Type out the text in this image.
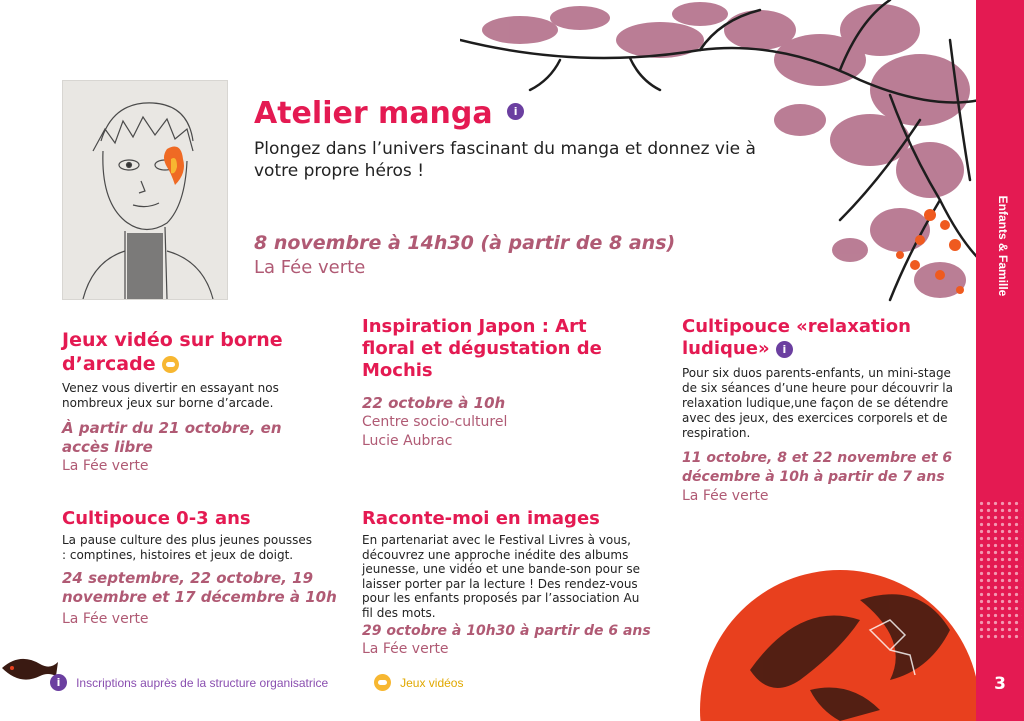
Enfants & Famille
3
Atelier manga i
Plongez dans l’univers fascinant du manga et donnez vie à votre propre héros !
8 novembre à 14h30 (à partir de 8 ans)
La Fée verte
Jeux vidéo sur borne d’arcade
Venez vous divertir en essayant nos nombreux jeux sur borne d’arcade.
À partir du 21 octobre, en accès libre
La Fée verte
Inspiration Japon : Art floral et dégustation de Mochis
22 octobre à 10h
Centre socio-culturel Lucie Aubrac
Cultipouce «relaxation ludique» i
Pour six duos parents-enfants, un mini-stage de six séances d’une heure pour découvrir la relaxation ludique,une façon de se détendre avec des jeux, des exercices corporels et de respiration.
11 octobre, 8 et 22 novembre et 6 décembre à 10h à partir de 7 ans
La Fée verte
Cultipouce 0-3 ans
La pause culture des plus jeunes pousses : comptines, histoires et jeux de doigt.
24 septembre, 22 octobre, 19 novembre et 17 décembre à 10h
La Fée verte
Raconte-moi en images
En partenariat avec le Festival Livres à vous, découvrez une approche inédite des albums jeunesse, une vidéo et une bande-son pour se laisser porter par la lecture ! Des rendez-vous pour les enfants proposés par l’association Au fil des mots.
29 octobre à 10h30 à partir de 6 ans
La Fée verte
i Inscriptions auprès de la structure organisatrice	Jeux vidéos
